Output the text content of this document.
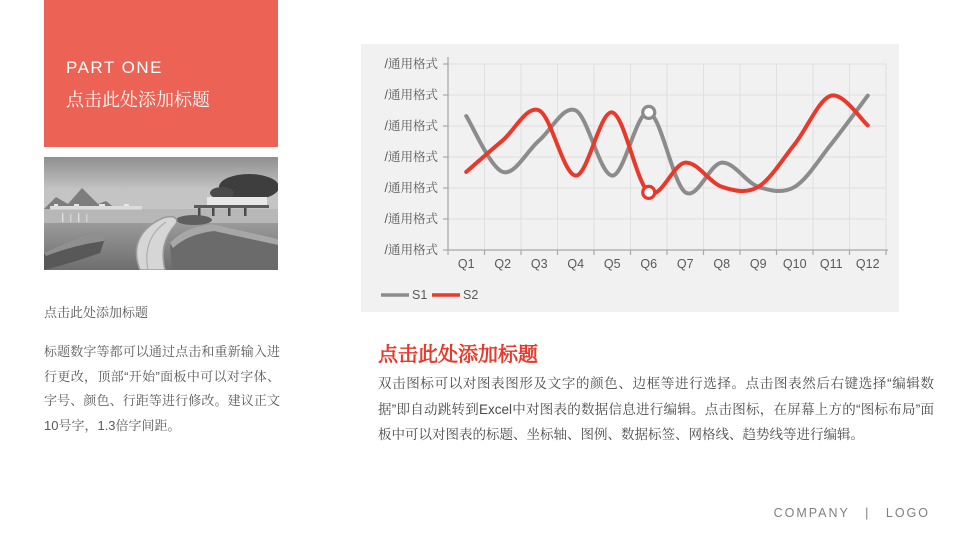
PART ONE
点击此处添加标题
点击此处添加标题
标题数字等都可以通过点击和重新输入进行更改，顶部“开始”面板中可以对字体、字号、颜色、行距等进行修改。建议正文10号字，1.3倍字间距。
/通用格式
/通用格式
/通用格式
/通用格式
/通用格式
/通用格式
/通用格式
Q1 Q2 Q3 Q4 Q5 Q6 Q7 Q8 Q9 Q10 Q11 Q12
S1	S2
点击此处添加标题
双击图标可以对图表图形及文字的颜色、边框等进行选择。点击图表然后右键选择“编辑数据”即自动跳转到Excel中对图表的数据信息进行编辑。点击图标，在屏幕上方的“图标布局”面板中可以对图表的标题、坐标轴、图例、数据标签、网格线、趋势线等进行编辑。
COMPANY | LOGO
